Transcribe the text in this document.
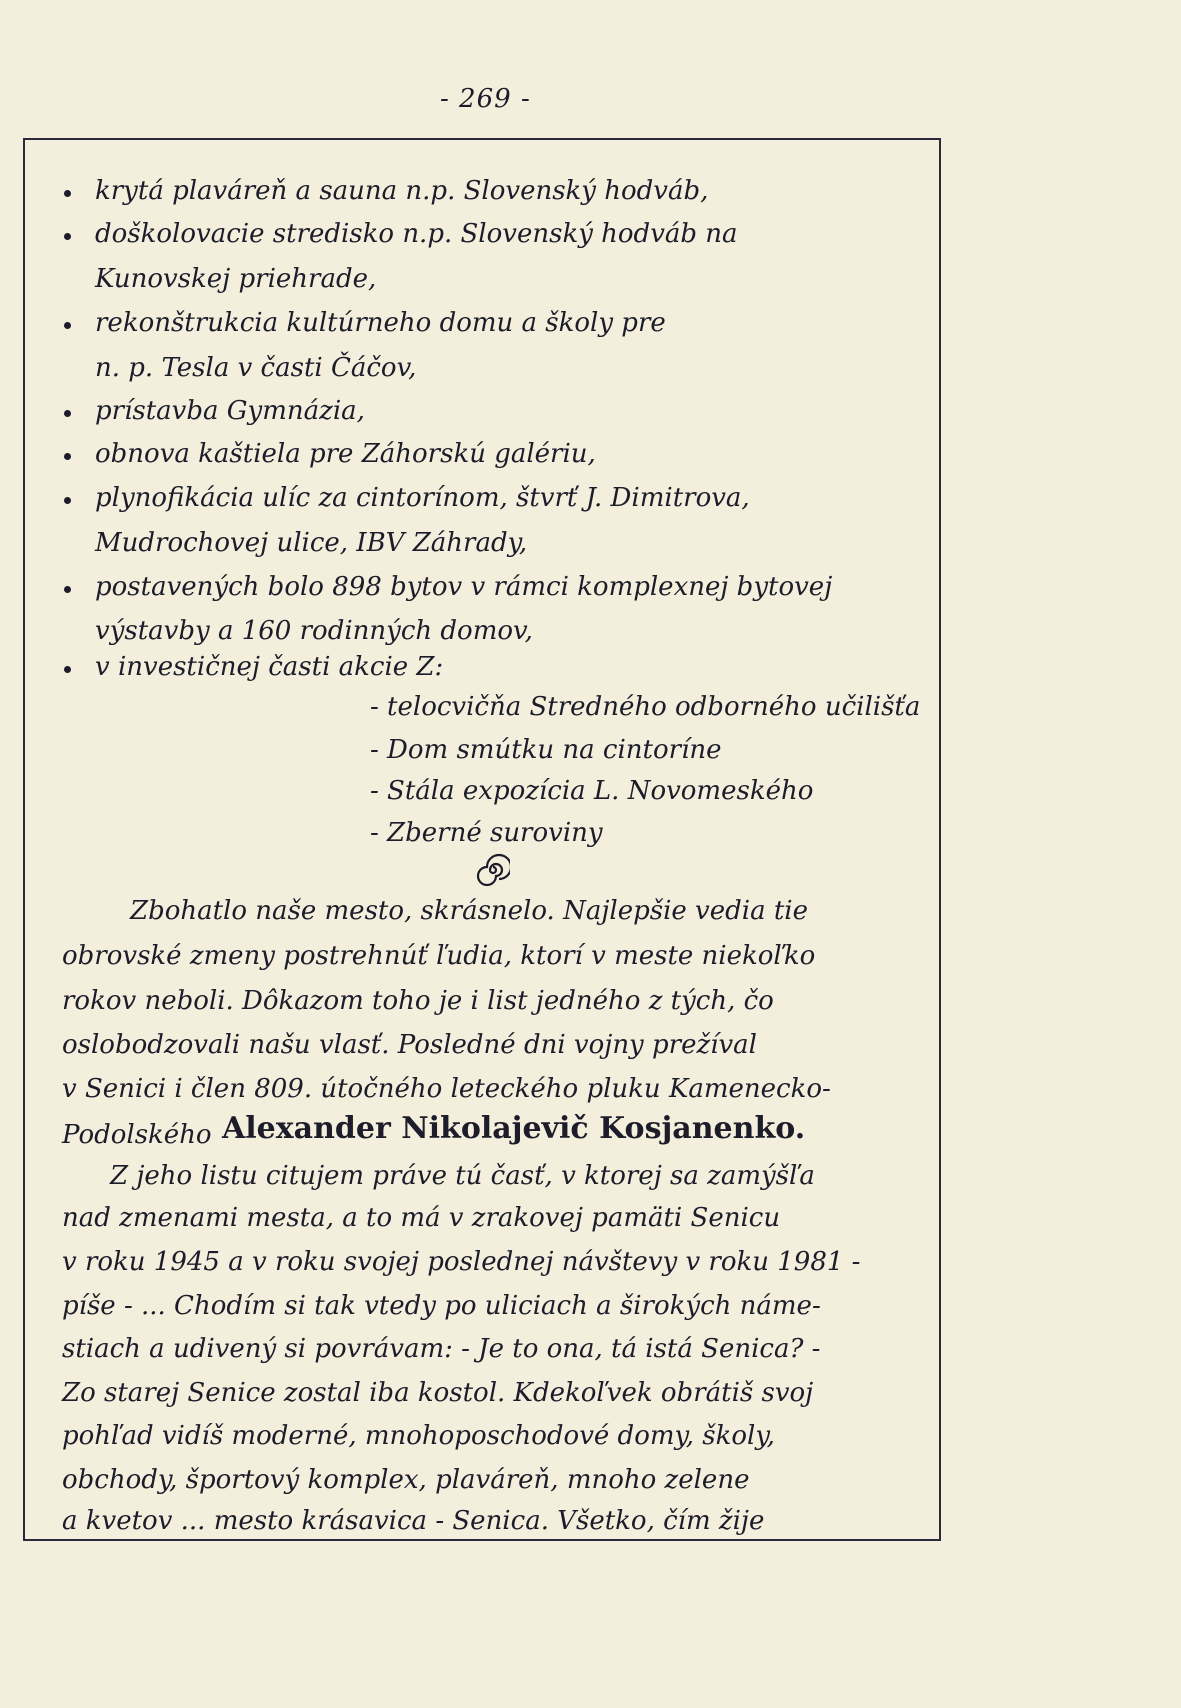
- 269 -
krytá plaváreň a sauna n.p. Slovenský hodváb,
doškolovacie stredisko n.p. Slovenský hodváb na
Kunovskej priehrade,
rekonštrukcia kultúrneho domu a školy pre
n. p. Tesla v časti Čáčov,
prístavba Gymnázia,
obnova kaštiela pre Záhorskú galériu,
plynofikácia ulíc za cintorínom, štvrť J. Dimitrova,
Mudrochovej ulice, IBV Záhrady,
postavených bolo 898 bytov v rámci komplexnej bytovej
výstavby a 160 rodinných domov,
v investičnej časti akcie Z:
- telocvičňa Stredného odborného učilišťa
- Dom smútku na cintoríne
- Stála expozícia L. Novomeského
- Zberné suroviny
Zbohatlo naše mesto, skrásnelo. Najlepšie vedia tie
obrovské zmeny postrehnúť ľudia, ktorí v meste niekoľko
rokov neboli. Dôkazom toho je i list jedného z tých, čo
oslobodzovali našu vlasť. Posledné dni vojny prežíval
v Senici i člen 809. útočného leteckého pluku Kamenecko-
Podolského Alexander Nikolajevič Kosjanenko.
Z jeho listu citujem práve tú časť, v ktorej sa zamýšľa
nad zmenami mesta, a to má v zrakovej pamäti Senicu
v roku 1945 a v roku svojej poslednej návštevy v roku 1981 -
píše - ... Chodím si tak vtedy po uliciach a širokých náme-
stiach a udivený si povrávam: - Je to ona, tá istá Senica? -
Zo starej Senice zostal iba kostol. Kdekoľvek obrátiš svoj
pohľad vidíš moderné, mnohoposchodové domy, školy,
obchody, športový komplex, plaváreň, mnoho zelene
a kvetov ... mesto krásavica - Senica. Všetko, čím žije
